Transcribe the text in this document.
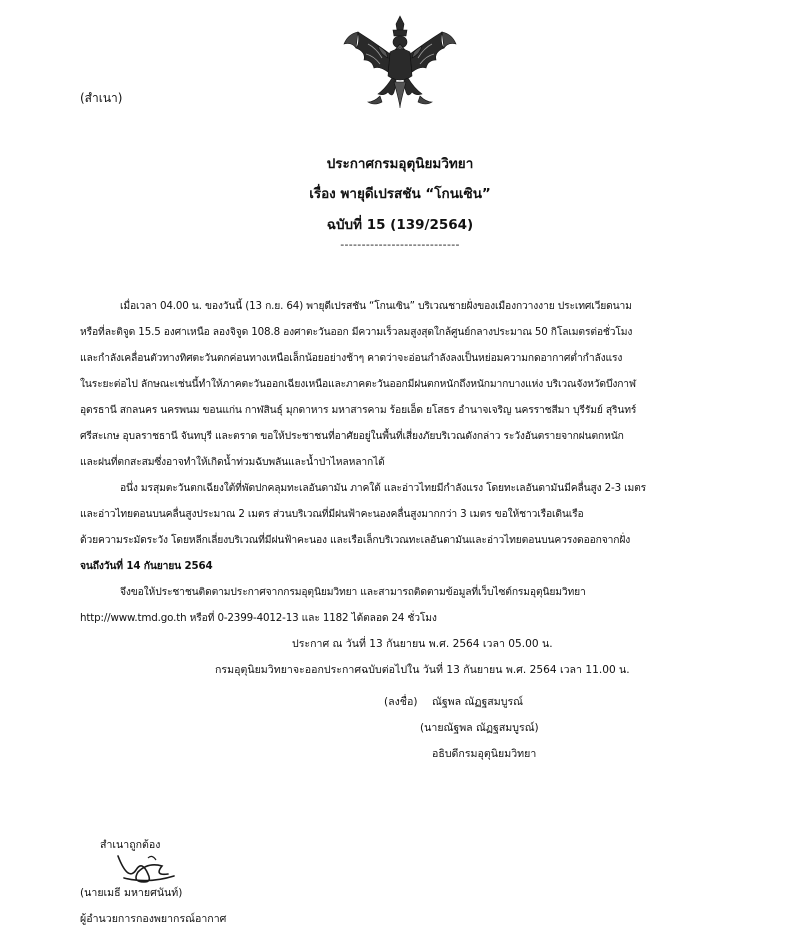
(สำเนา)
ประกาศกรมอุตุนิยมวิทยา
เรื่อง พายุดีเปรสชัน “โกนเซิน”
ฉบับที่ 15 (139/2564)
----------------------------
เมื่อเวลา 04.00 น. ของวันนี้ (13 ก.ย. 64) พายุดีเปรสชัน “โกนเซิน” บริเวณชายฝั่งของเมืองกวางงาย ประเทศเวียดนาม
หรือที่ละติจูด 15.5 องศาเหนือ ลองจิจูด 108.8 องศาตะวันออก มีความเร็วลมสูงสุดใกล้ศูนย์กลางประมาณ 50 กิโลเมตรต่อชั่วโมง
และกำลังเคลื่อนตัวทางทิศตะวันตกค่อนทางเหนือเล็กน้อยอย่างช้าๆ คาดว่าจะอ่อนกำลังลงเป็นหย่อมความกดอากาศต่ำกำลังแรง
ในระยะต่อไป ลักษณะเช่นนี้ทำให้ภาคตะวันออกเฉียงเหนือและภาคตะวันออกมีฝนตกหนักถึงหนักมากบางแห่ง บริเวณจังหวัดบึงกาฬ
อุดรธานี สกลนคร นครพนม ขอนแก่น กาฬสินธุ์ มุกดาหาร มหาสารคาม ร้อยเอ็ด ยโสธร อำนาจเจริญ นครราชสีมา บุรีรัมย์ สุรินทร์
ศรีสะเกษ อุบลราชธานี จันทบุรี และตราด ขอให้ประชาชนที่อาศัยอยู่ในพื้นที่เสี่ยงภัยบริเวณดังกล่าว ระวังอันตรายจากฝนตกหนัก
และฝนที่ตกสะสมซึ่งอาจทำให้เกิดน้ำท่วมฉับพลันและน้ำป่าไหลหลากได้
อนึ่ง มรสุมตะวันตกเฉียงใต้ที่พัดปกคลุมทะเลอันดามัน ภาคใต้ และอ่าวไทยมีกำลังแรง โดยทะเลอันดามันมีคลื่นสูง 2-3 เมตร
และอ่าวไทยตอนบนคลื่นสูงประมาณ 2 เมตร ส่วนบริเวณที่มีฝนฟ้าคะนองคลื่นสูงมากกว่า 3 เมตร ขอให้ชาวเรือเดินเรือ
ด้วยความระมัดระวัง โดยหลีกเลี่ยงบริเวณที่มีฝนฟ้าคะนอง และเรือเล็กบริเวณทะเลอันดามันและอ่าวไทยตอนบนควรงดออกจากฝั่ง
จนถึงวันที่ 14 กันยายน 2564
จึงขอให้ประชาชนติดตามประกาศจากกรมอุตุนิยมวิทยา และสามารถติดตามข้อมูลที่เว็บไซต์กรมอุตุนิยมวิทยา
http://www.tmd.go.th หรือที่ 0-2399-4012-13 และ 1182 ได้ตลอด 24 ชั่วโมง
ประกาศ ณ วันที่ 13 กันยายน พ.ศ. 2564 เวลา 05.00 น.
กรมอุตุนิยมวิทยาจะออกประกาศฉบับต่อไปใน วันที่ 13 กันยายน พ.ศ. 2564 เวลา 11.00 น.
(ลงชื่อ) ณัฐพล ณัฏฐสมบูรณ์
(นายณัฐพล ณัฏฐสมบูรณ์)
อธิบดีกรมอุตุนิยมวิทยา
สำเนาถูกต้อง
(นายเมธี มหายศนันท์)
ผู้อำนวยการกองพยากรณ์อากาศ
